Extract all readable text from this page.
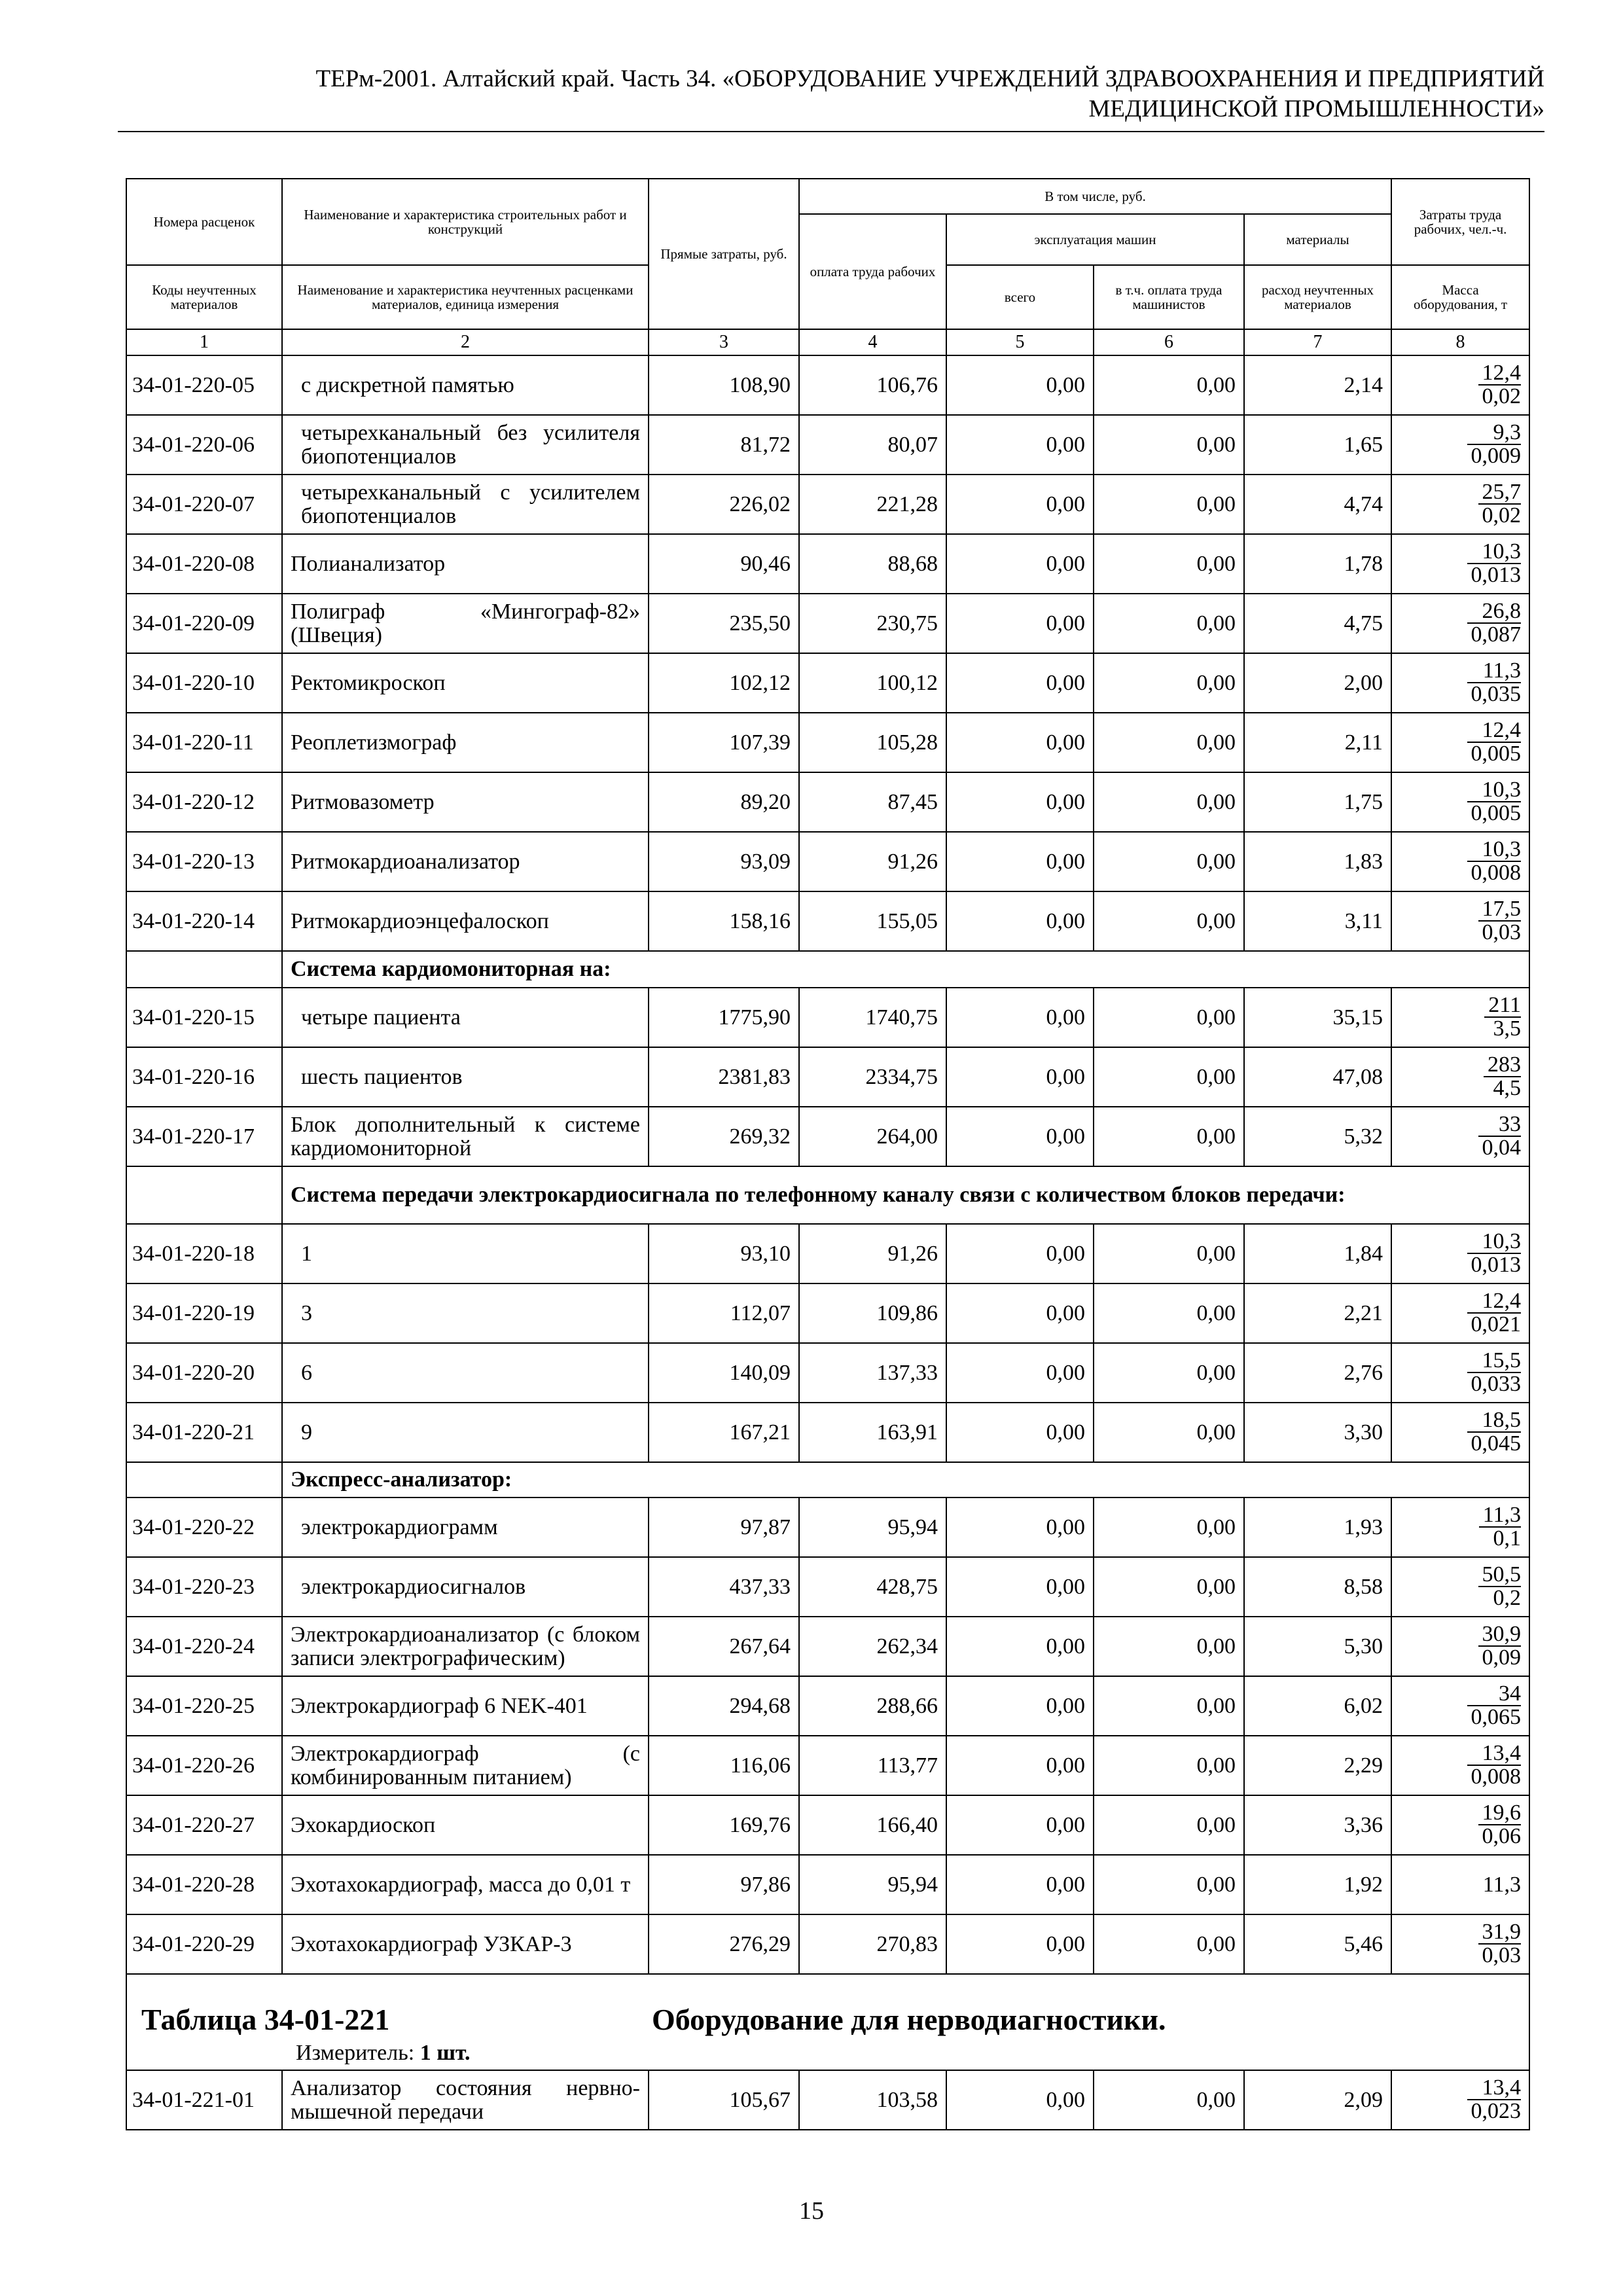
ТЕРм-2001. Алтайский край. Часть 34. «ОБОРУДОВАНИЕ УЧРЕЖДЕНИЙ ЗДРАВООХРАНЕНИЯ И ПРЕДПРИЯТИЙ
МЕДИЦИНСКОЙ ПРОМЫШЛЕННОСТИ»
Номера расценок	Наименование и характеристика строительных работ и конструкций	Прямые затраты, руб.	В том числе, руб.				Затраты труда рабочих, чел.-ч.
			оплата труда рабочих	эксплуатация машин		материалы	
Коды неучтенных материалов	Наименование и характеристика неучтенных расценками материалов, единица измерения			всего	в т.ч. оплата труда машинистов	расход неучтенных материалов	Масса оборудования, т
1	2	3	4	5	6	7	8
34-01-220-05	с дискретной памятью	108,90	106,76	0,00	0,00	2,14	$\frac{12,4}{0,02}$

34-01-220-06	четырехканальный без усилителя биопотенциалов	81,72	80,07	0,00	0,00	1,65	$\frac{9,3}{0,009}$

34-01-220-07	четырехканальный с усилителем биопотенциалов	226,02	221,28	0,00	0,00	4,74	$\frac{25,7}{0,02}$

34-01-220-08	Полианализатор	90,46	88,68	0,00	0,00	1,78	$\frac{10,3}{0,013}$

34-01-220-09	Полиграф «Мингограф-82» (Швеция)	235,50	230,75	0,00	0,00	4,75	$\frac{26,8}{0,087}$

34-01-220-10	Ректомикроскоп	102,12	100,12	0,00	0,00	2,00	$\frac{11,3}{0,035}$

34-01-220-11	Реоплетизмограф	107,39	105,28	0,00	0,00	2,11	$\frac{12,4}{0,005}$

34-01-220-12	Ритмовазометр	89,20	87,45	0,00	0,00	1,75	$\frac{10,3}{0,005}$

34-01-220-13	Ритмокардиоанализатор	93,09	91,26	0,00	0,00	1,83	$\frac{10,3}{0,008}$

34-01-220-14	Ритмокардиоэнцефалоскоп	158,16	155,05	0,00	0,00	3,11	$\frac{17,5}{0,03}$

	Система кардиомониторная на:						
34-01-220-15	четыре пациента	1775,90	1740,75	0,00	0,00	35,15	$\frac{211}{3,5}$

34-01-220-16	шесть пациентов	2381,83	2334,75	0,00	0,00	47,08	$\frac{283}{4,5}$

34-01-220-17	Блок дополнительный к системе кардиомониторной	269,32	264,00	0,00	0,00	5,32	$\frac{33}{0,04}$

	Система передачи электрокардиосигнала по телефонному каналу связи с количеством блоков передачи:						
34-01-220-18	1	93,10	91,26	0,00	0,00	1,84	$\frac{10,3}{0,013}$

34-01-220-19	3	112,07	109,86	0,00	0,00	2,21	$\frac{12,4}{0,021}$

34-01-220-20	6	140,09	137,33	0,00	0,00	2,76	$\frac{15,5}{0,033}$

34-01-220-21	9	167,21	163,91	0,00	0,00	3,30	$\frac{18,5}{0,045}$

	Экспресс-анализатор:						
34-01-220-22	электрокардиограмм	97,87	95,94	0,00	0,00	1,93	$\frac{11,3}{0,1}$

34-01-220-23	электрокардиосигналов	437,33	428,75	0,00	0,00	8,58	$\frac{50,5}{0,2}$

34-01-220-24	Электрокардиоанализатор (с блоком записи электрографическим)	267,64	262,34	0,00	0,00	5,30	$\frac{30,9}{0,09}$

34-01-220-25	Электрокардиограф 6 NEK-401	294,68	288,66	0,00	0,00	6,02	$\frac{34}{0,065}$

34-01-220-26	Электрокардиограф (с комбинированным питанием)	116,06	113,77	0,00	0,00	2,29	$\frac{13,4}{0,008}$

34-01-220-27	Эхокардиоскоп	169,76	166,40	0,00	0,00	3,36	$\frac{19,6}{0,06}$

34-01-220-28	Эхотахокардиограф, масса до 0,01 т	97,86	95,94	0,00	0,00	1,92	11,3
34-01-220-29	Эхотахокардиограф УЗКАР-3	276,29	270,83	0,00	0,00	5,46	$\frac{31,9}{0,03}$

Таблица 34-01-221 Оборудование для нерводиагностики.							
Измеритель: 1 шт.							
34-01-221-01	Анализатор состояния нервно-мышечной передачи	105,67	103,58	0,00	0,00	2,09	$\frac{13,4}{0,023}$
15
